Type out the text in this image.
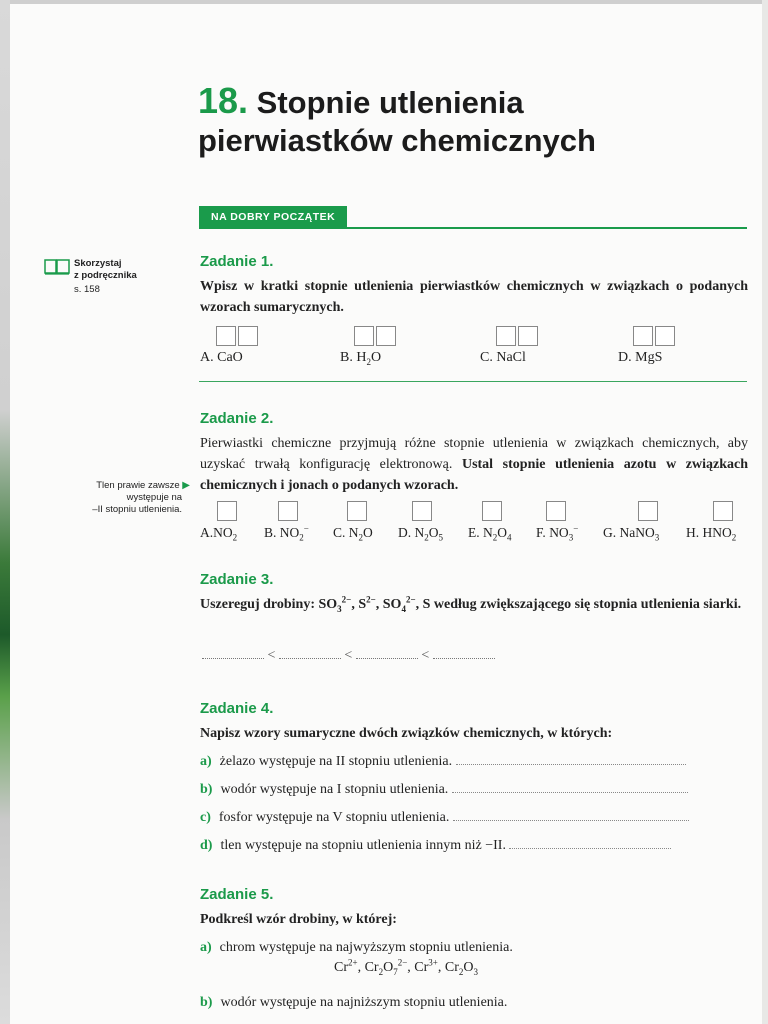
18. Stopnie utlenienia
pierwiastków chemicznych
NA DOBRY POCZĄTEK
Skorzystaj
z podręcznika
s. 158
Zadanie 1.
Wpisz w kratki stopnie utlenienia pierwiastków chemicznych w związkach o podanych wzorach sumarycznych.
A. CaO	B. $H_2O$	C. NaCl	D. MgS
Zadanie 2.
Pierwiastki chemiczne przyjmują różne stopnie utlenienia w związkach chemicznych, aby uzyskać trwałą konfigurację elektronową. Ustal stopnie utlenienia azotu w związkach chemicznych i jonach o podanych wzorach.
Tlen prawie zawsze ▶
występuje na
–II stopniu utlenienia.
$A.NO_2$ B. $NO_2^-$ C. $N_2O$ D. $N_2O_5$ E. $N_2O_4$ F. $NO_3^-$ G. NaNO$_3$ H. $HNO_2$
Zadanie 3.
Uszereguj drobiny: $SO_3^{2-}$, $S^{2-}$, $SO_4^{2-}$, S według zwiększającego się stopnia utlenienia siarki.
<	<	<
Zadanie 4.
Napisz wzory sumaryczne dwóch związków chemicznych, w których:
a) żelazo występuje na II stopniu utlenienia.
b) wodór występuje na I stopniu utlenienia.
c) fosfor występuje na V stopniu utlenienia.
d) tlen występuje na stopniu utlenienia innym niż −II.
Zadanie 5.
Podkreśl wzór drobiny, w której:
a) chrom występuje na najwyższym stopniu utlenienia.
$Cr^{2+}$, $Cr_2O_7^{2-}$, $Cr^{3+}$, $Cr_2O_3$
b) wodór występuje na najniższym stopniu utlenienia.
